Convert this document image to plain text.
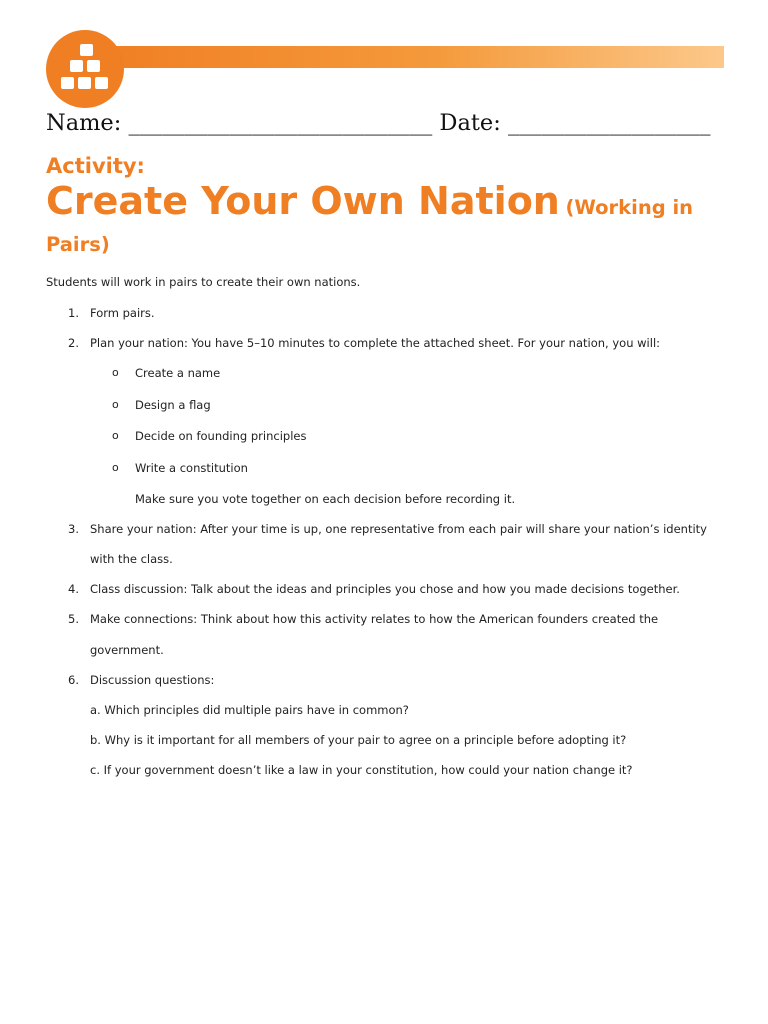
Name: ___________________________ Date: __________________
Activity:
Create Your Own Nation (Working in Pairs)
Students will work in pairs to create their own nations.
1. Form pairs.
2. Plan your nation: You have 5–10 minutes to complete the attached sheet. For your nation, you will:
o Create a name
o Design a flag
o Decide on founding principles
o Write a constitution
Make sure you vote together on each decision before recording it.
3. Share your nation: After your time is up, one representative from each pair will share your nation’s identity
with the class.
4. Class discussion: Talk about the ideas and principles you chose and how you made decisions together.
5. Make connections: Think about how this activity relates to how the American founders created the
government.
6. Discussion questions:
a. Which principles did multiple pairs have in common?
b. Why is it important for all members of your pair to agree on a principle before adopting it?
c. If your government doesn’t like a law in your constitution, how could your nation change it?
